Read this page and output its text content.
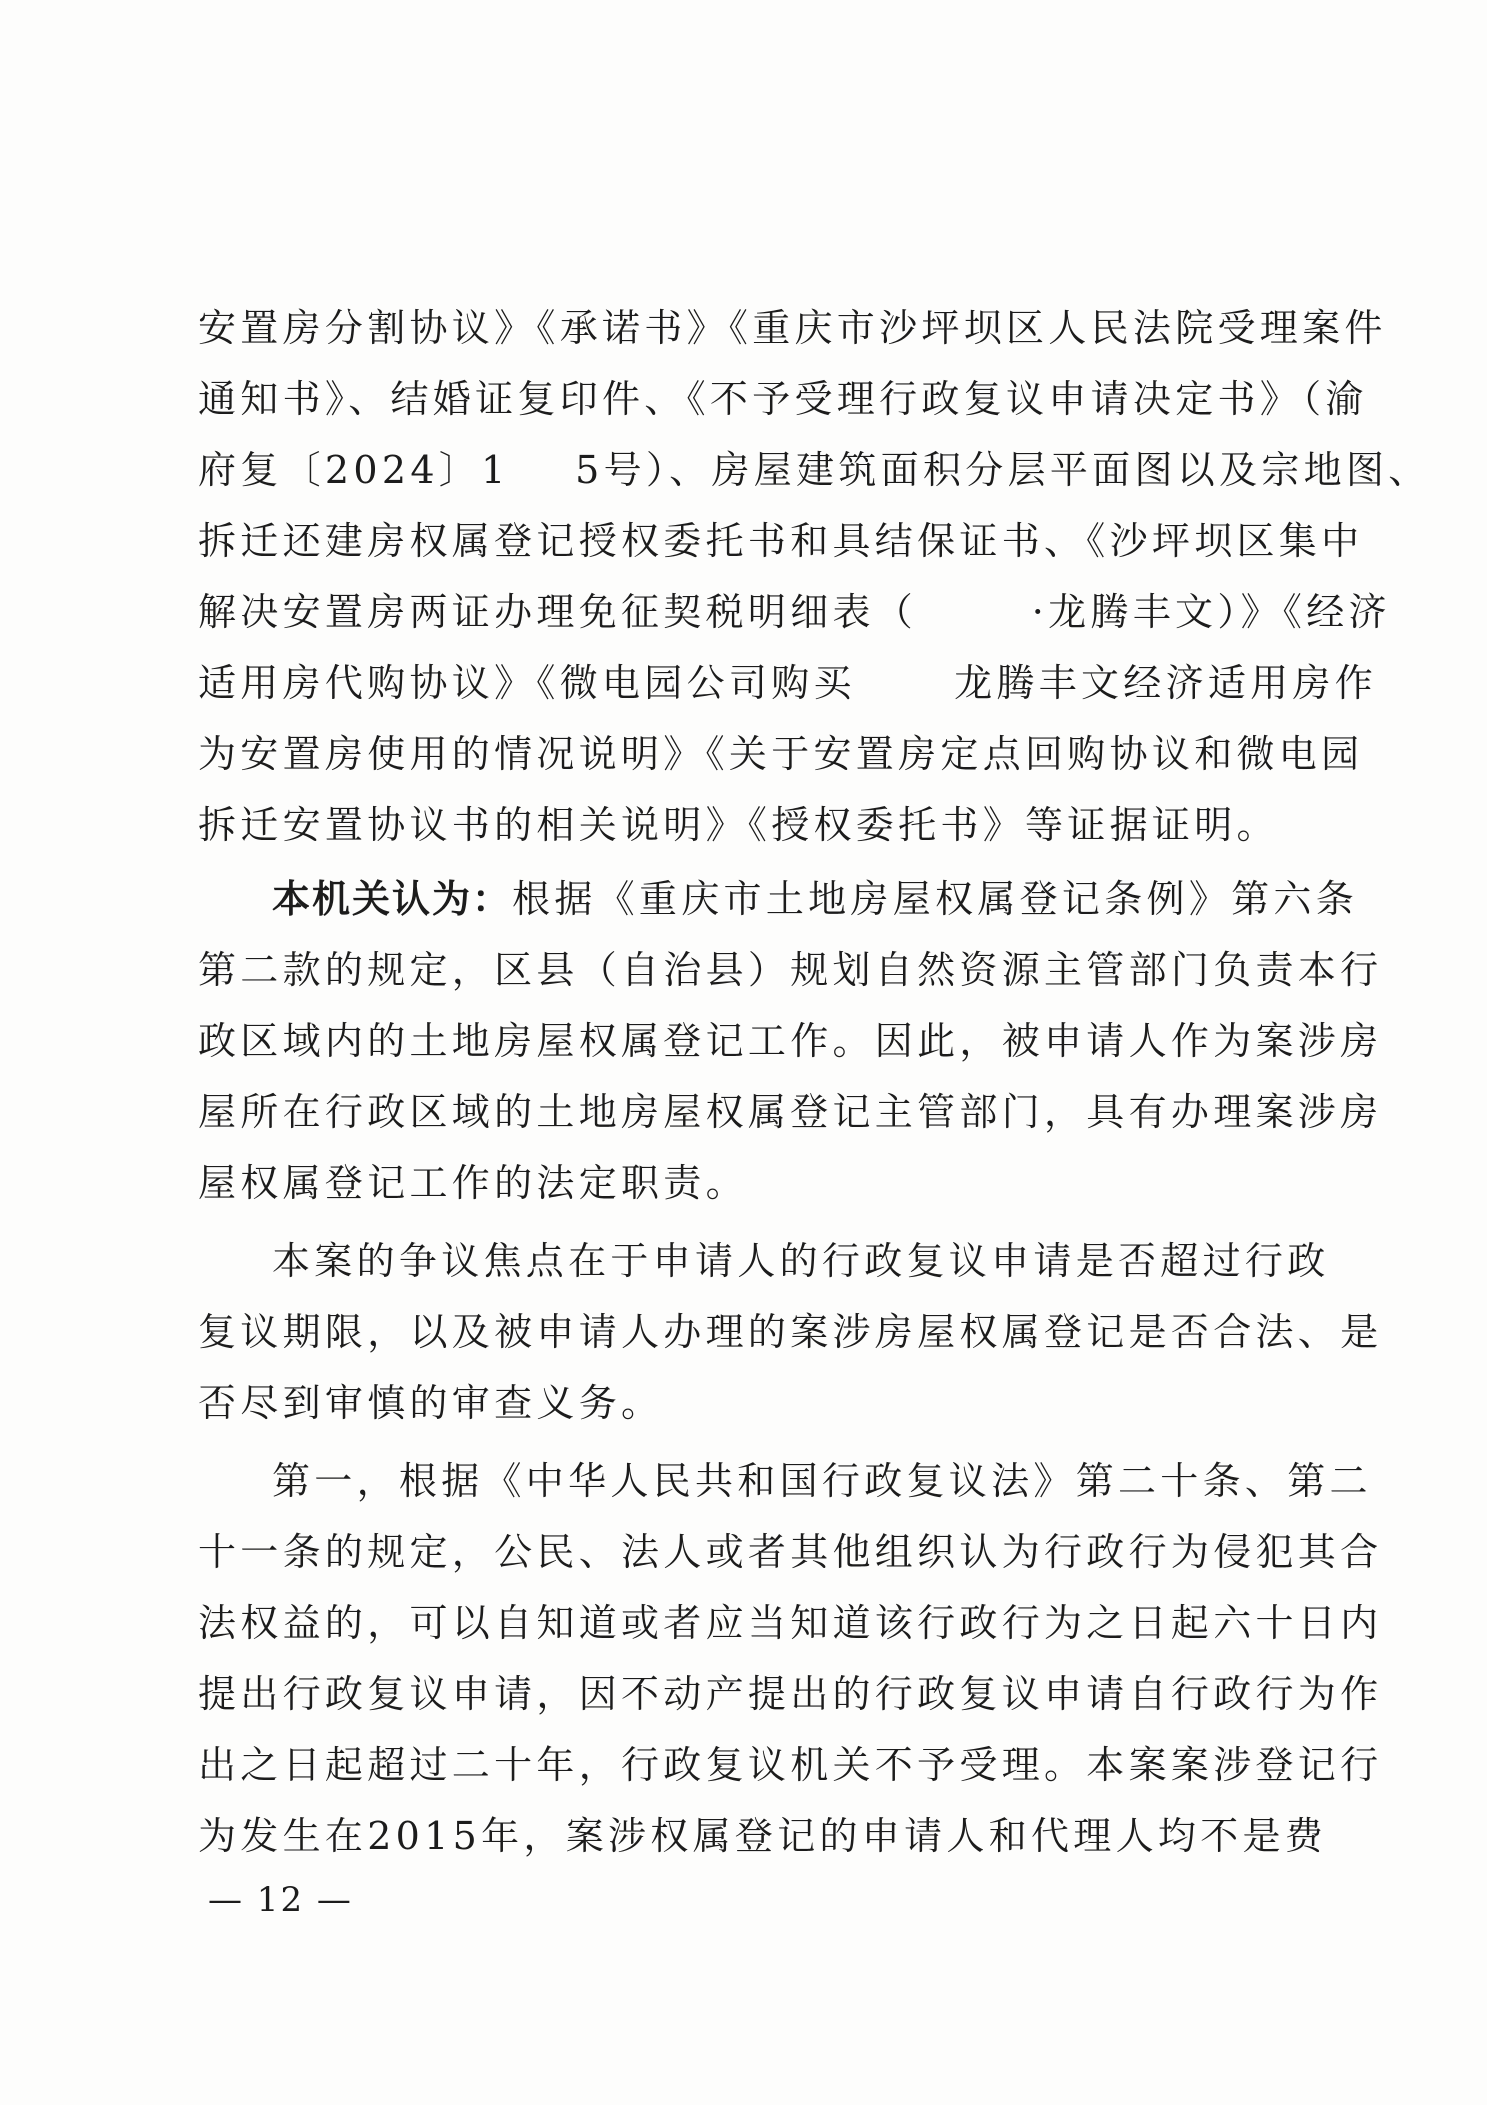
安置房分割协议》《承诺书》《重庆市沙坪坝区人民法院受理案件
通知书》、结婚证复印件、《不予受理行政复议申请决定书》（渝
府复〔2024〕1    5号）、房屋建筑面积分层平面图以及宗地图、
拆迁还建房权属登记授权委托书和具结保证书、《沙坪坝区集中
解决安置房两证办理免征契税明细表（       ·龙腾丰文）》《经济
适用房代购协议》《微电园公司购买      龙腾丰文经济适用房作
为安置房使用的情况说明》《关于安置房定点回购协议和微电园
拆迁安置协议书的相关说明》《授权委托书》等证据证明。
本机关认为：根据《重庆市土地房屋权属登记条例》第六条
第二款的规定，区县（自治县）规划自然资源主管部门负责本行
政区域内的土地房屋权属登记工作。因此，被申请人作为案涉房
屋所在行政区域的土地房屋权属登记主管部门，具有办理案涉房
屋权属登记工作的法定职责。
本案的争议焦点在于申请人的行政复议申请是否超过行政
复议期限，以及被申请人办理的案涉房屋权属登记是否合法、是
否尽到审慎的审查义务。
第一，根据《中华人民共和国行政复议法》第二十条、第二
十一条的规定，公民、法人或者其他组织认为行政行为侵犯其合
法权益的，可以自知道或者应当知道该行政行为之日起六十日内
提出行政复议申请，因不动产提出的行政复议申请自行政行为作
出之日起超过二十年，行政复议机关不予受理。本案案涉登记行
为发生在2015年，案涉权属登记的申请人和代理人均不是费
— 12 —
